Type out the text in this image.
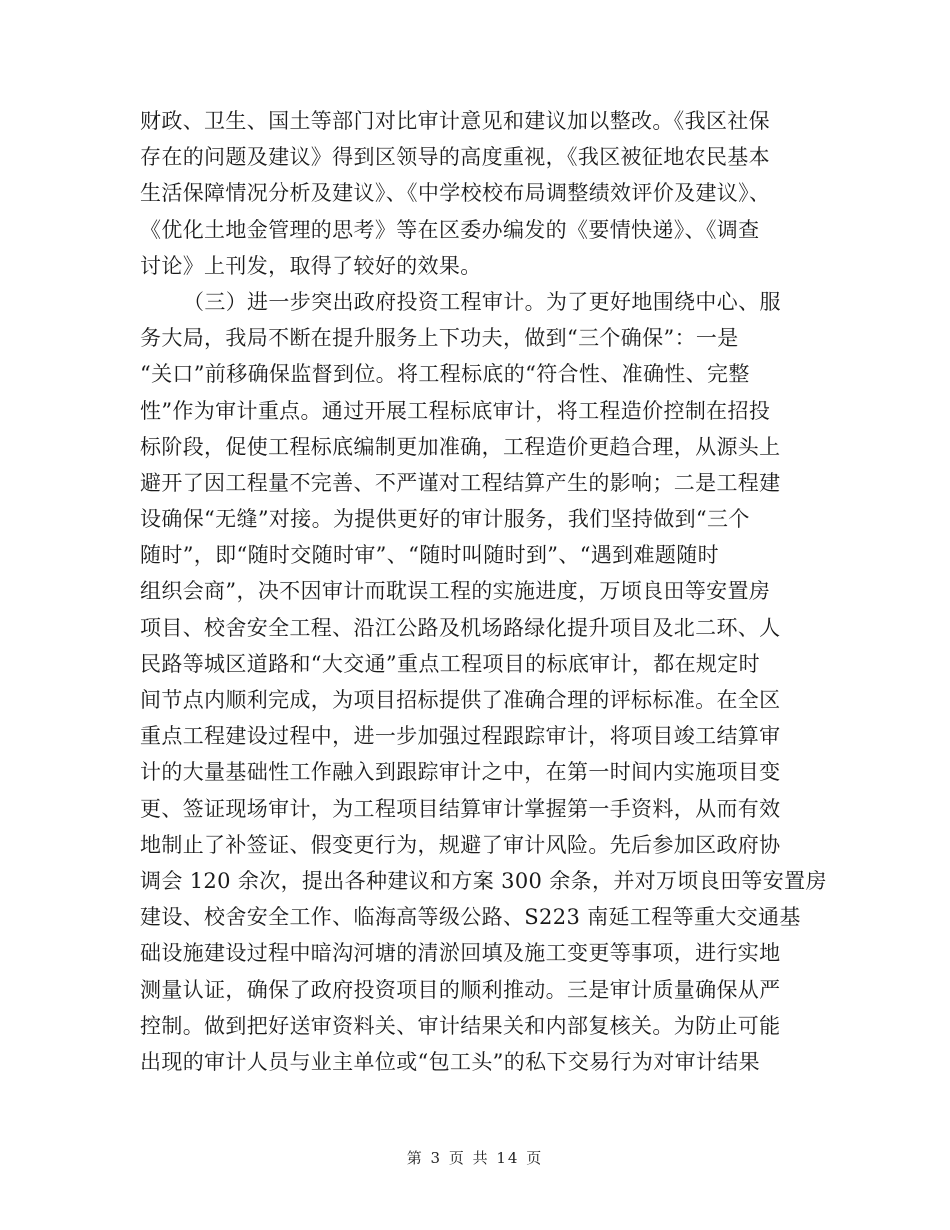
财政、卫生、国土等部门对比审计意见和建议加以整改。《我区社保
存在的问题及建议》得到区领导的高度重视，《我区被征地农民基本
生活保障情况分析及建议》、《中学校校布局调整绩效评价及建议》、
《优化土地金管理的思考》等在区委办编发的《要情快递》、《调查
讨论》上刊发，取得了较好的效果。
（三）进一步突出政府投资工程审计。为了更好地围绕中心、服
务大局，我局不断在提升服务上下功夫，做到“三个确保”：一是
“关口”前移确保监督到位。将工程标底的“符合性、准确性、完整
性”作为审计重点。通过开展工程标底审计，将工程造价控制在招投
标阶段，促使工程标底编制更加准确，工程造价更趋合理，从源头上
避开了因工程量不完善、不严谨对工程结算产生的影响；二是工程建
设确保“无缝”对接。为提供更好的审计服务，我们坚持做到“三个
随时”，即“随时交随时审”、“随时叫随时到”、“遇到难题随时
组织会商”，决不因审计而耽误工程的实施进度，万顷良田等安置房
项目、校舍安全工程、沿江公路及机场路绿化提升项目及北二环、人
民路等城区道路和“大交通”重点工程项目的标底审计，都在规定时
间节点内顺利完成，为项目招标提供了准确合理的评标标准。在全区
重点工程建设过程中，进一步加强过程跟踪审计，将项目竣工结算审
计的大量基础性工作融入到跟踪审计之中，在第一时间内实施项目变
更、签证现场审计，为工程项目结算审计掌握第一手资料，从而有效
地制止了补签证、假变更行为，规避了审计风险。先后参加区政府协
调会 120 余次，提出各种建议和方案 300 余条，并对万顷良田等安置房
建设、校舍安全工作、临海高等级公路、S223 南延工程等重大交通基
础设施建设过程中暗沟河塘的清淤回填及施工变更等事项，进行实地
测量认证，确保了政府投资项目的顺利推动。三是审计质量确保从严
控制。做到把好送审资料关、审计结果关和内部复核关。为防止可能
出现的审计人员与业主单位或“包工头”的私下交易行为对审计结果
第 3 页 共 14 页
